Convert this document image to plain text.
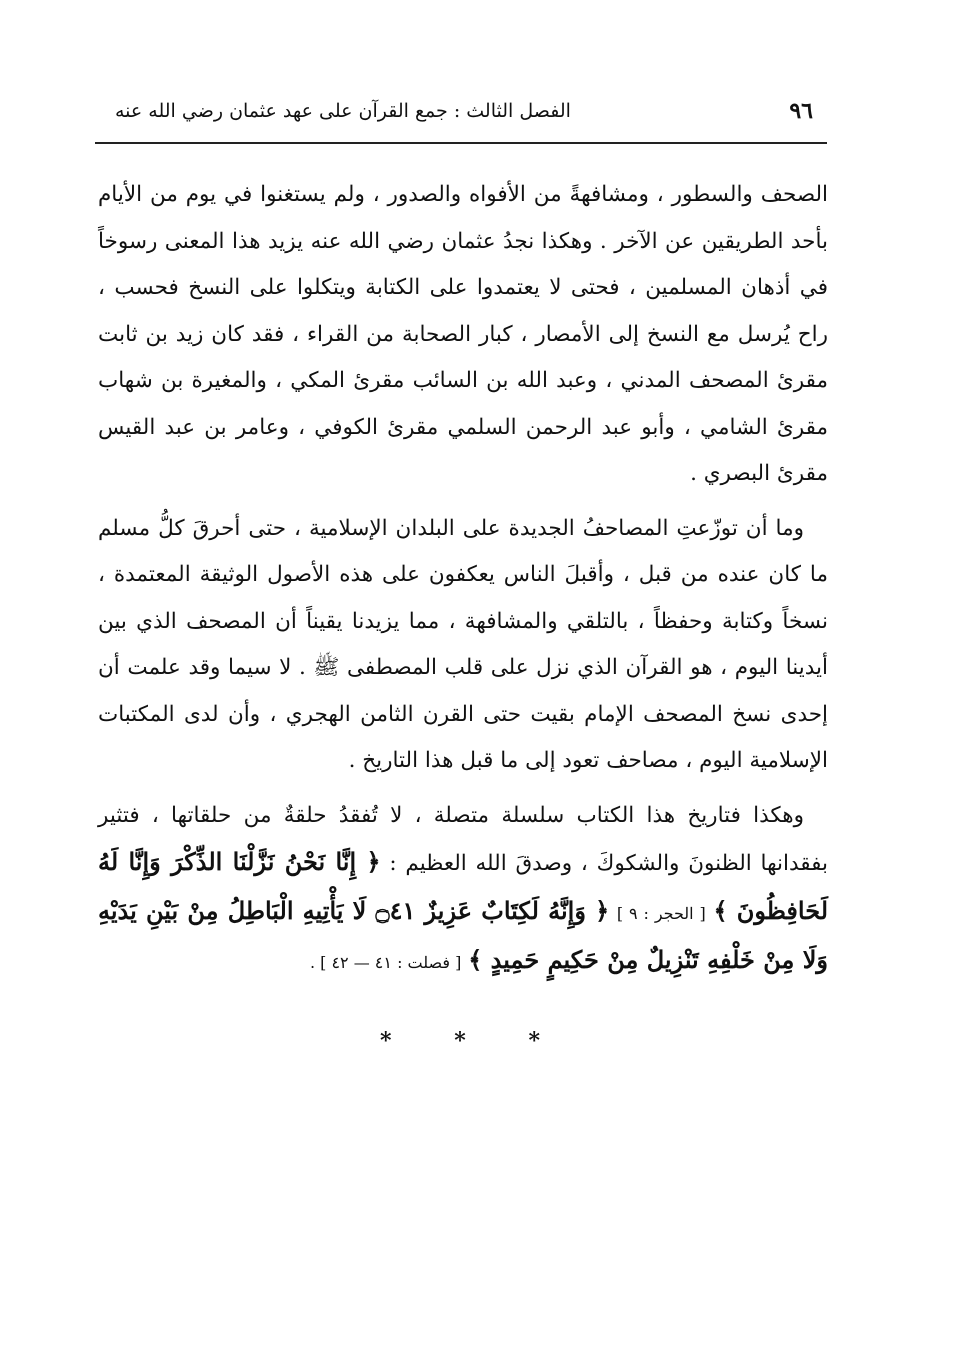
٩٦
الفصل الثالث : جمع القرآن على عهد عثمان رضي الله عنه

الصحف والسطور ، ومشافهةً من الأفواه والصدور ، ولم يستغنوا في يوم من الأيام بأحد الطريقين عن الآخر . وهكذا نجدُ عثمان رضي الله عنه يزيد هذا المعنى رسوخاً في أذهان المسلمين ، فحتى لا يعتمدوا على الكتابة ويتكلوا على النسخ فحسب ، راح يُرسل مع النسخ إلى الأمصار ، كبار الصحابة من القراء ، فقد كان زيد بن ثابت مقرئ المصحف المدني ، وعبد الله بن السائب مقرئ المكي ، والمغيرة بن شهاب مقرئ الشامي ، وأبو عبد الرحمن السلمي مقرئ الكوفي ، وعامر بن عبد القيس مقرئ البصري .

وما أن توزّعتِ المصاحفُ الجديدة على البلدان الإسلامية ، حتى أحرقَ كلُّ مسلم ما كان عنده من قبل ، وأقبلَ الناس يعكفون على هذه الأصول الوثيقة المعتمدة ، نسخاً وكتابة وحفظاً ، بالتلقي والمشافهة ، مما يزيدنا يقيناً أن المصحف الذي بين أيدينا اليوم ، هو القرآن الذي نزل على قلب المصطفى ﷺ . لا سيما وقد علمت أن إحدى نسخ المصحف الإمام بقيت حتى القرن الثامن الهجري ، وأن لدى المكتبات الإسلامية اليوم ، مصاحف تعود إلى ما قبل هذا التاريخ .

وهكذا فتاريخ هذا الكتاب سلسلة متصلة ، لا تُفقدُ حلقةٌ من حلقاتها ، فتثير بفقدانها الظنونَ والشكوكَ ، وصدقَ الله العظيم : ﴿ إِنَّا نَحْنُ نَزَّلْنَا الذِّكْرَ وَإِنَّا لَهُ لَحَافِظُونَ ﴾ [ الحجر : ٩ ] ﴿ وَإِنَّهُ لَكِتَابٌ عَزِيزٌ ۝٤١ لَا يَأْتِيهِ الْبَاطِلُ مِنْ بَيْنِ يَدَيْهِ وَلَا مِنْ خَلْفِهِ تَنْزِيلٌ مِنْ حَكِيمٍ حَمِيدٍ ﴾ [ فصلت : ٤١ — ٤٢ ] .

*	*	*
